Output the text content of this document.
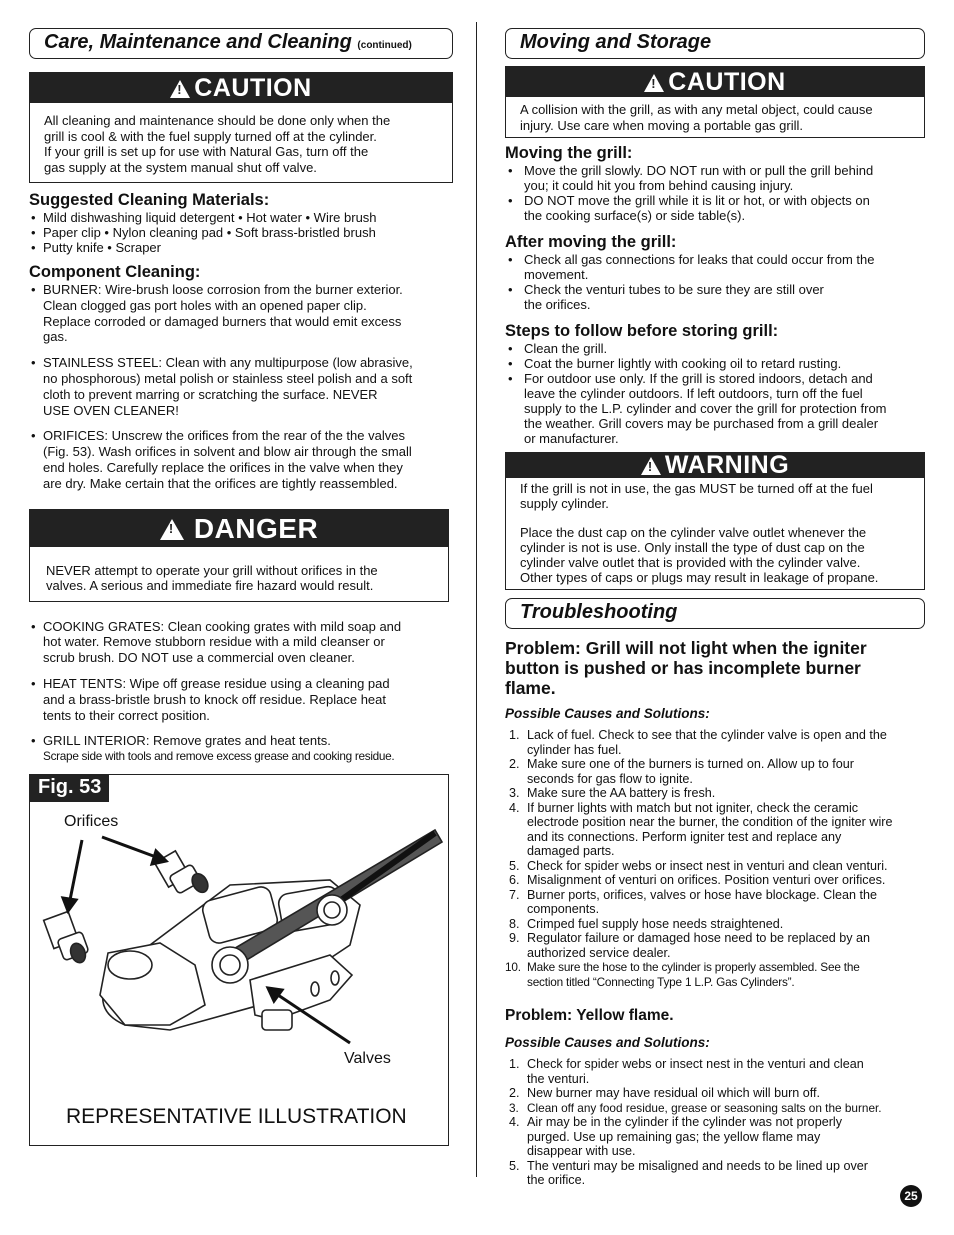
Care, Maintenance and Cleaning (continued)
!CAUTION
All cleaning and maintenance should be done only when the
grill is cool & with the fuel supply turned off at the cylinder.
If your grill is set up for use with Natural Gas, turn off the
gas supply at the system manual shut off valve.
Suggested Cleaning Materials:
• Mild dishwashing liquid detergent • Hot water • Wire brush
• Paper clip • Nylon cleaning pad • Soft brass-bristled brush
• Putty knife • Scraper
Component Cleaning:
• BURNER: Wire-brush loose corrosion from the burner exterior.
Clean clogged gas port holes with an opened paper clip.
Replace corroded or damaged burners that would emit excess
gas.
• STAINLESS STEEL: Clean with any multipurpose (low abrasive,
no phosphorous) metal polish or stainless steel polish and a soft
cloth to prevent marring or scratching the surface. NEVER
USE OVEN CLEANER!
• ORIFICES: Unscrew the orifices from the rear of the the valves
(Fig. 53). Wash orifices in solvent and blow air through the small
end holes. Carefully replace the orifices in the valve when they
are dry. Make certain that the orifices are tightly reassembled.
!DANGER
NEVER attempt to operate your grill without orifices in the
valves. A serious and immediate fire hazard would result.
• COOKING GRATES: Clean cooking grates with mild soap and
hot water. Remove stubborn residue with a mild cleanser or
scrub brush. DO NOT use a commercial oven cleaner.
• HEAT TENTS: Wipe off grease residue using a cleaning pad
and a brass-bristle brush to knock off residue. Replace heat
tents to their correct position.
• GRILL INTERIOR: Remove grates and heat tents.
Scrape side with tools and remove excess grease and cooking residue.
Fig. 53
Orifices
Valves
REPRESENTATIVE ILLUSTRATION
Moving and Storage
!CAUTION
A collision with the grill, as with any metal object, could cause
injury. Use care when moving a portable gas grill.
Moving the grill:
• Move the grill slowly. DO NOT run with or pull the grill behind
you; it could hit you from behind causing injury.
• DO NOT move the grill while it is lit or hot, or with objects on
the cooking surface(s) or side table(s).
After moving the grill:
• Check all gas connections for leaks that could occur from the
movement.
• Check the venturi tubes to be sure they are still over
the orifices.
Steps to follow before storing grill:
• Clean the grill.
• Coat the burner lightly with cooking oil to retard rusting.
• For outdoor use only. If the grill is stored indoors, detach and
leave the cylinder outdoors. If left outdoors, turn off the fuel
supply to the L.P. cylinder and cover the grill for protection from
the weather. Grill covers may be purchased from a grill dealer
or manufacturer.
!WARNING
If the grill is not in use, the gas MUST be turned off at the fuel
supply cylinder.

Place the dust cap on the cylinder valve outlet whenever the
cylinder is not is use. Only install the type of dust cap on the
cylinder valve outlet that is provided with the cylinder valve.
Other types of caps or plugs may result in leakage of propane.
Troubleshooting
Problem: Grill will not light when the igniter
button is pushed or has incomplete burner
flame.
Possible Causes and Solutions:
1. Lack of fuel. Check to see that the cylinder valve is open and the
cylinder has fuel.
2. Make sure one of the burners is turned on. Allow up to four
seconds for gas flow to ignite.
3. Make sure the AA battery is fresh.
4. If burner lights with match but not igniter, check the ceramic
electrode position near the burner, the condition of the igniter wire
and its connections. Perform igniter test and replace any
damaged parts.
5. Check for spider webs or insect nest in venturi and clean venturi.
6. Misalignment of venturi on orifices. Position venturi over orifices.
7. Burner ports, orifices, valves or hose have blockage. Clean the
components.
8. Crimped fuel supply hose needs straightened.
9. Regulator failure or damaged hose need to be replaced by an
authorized service dealer.
10. Make sure the hose to the cylinder is properly assembled. See the
section titled “Connecting Type 1 L.P. Gas Cylinders”.
Problem: Yellow flame.
Possible Causes and Solutions:
1. Check for spider webs or insect nest in the venturi and clean
the venturi.
2. New burner may have residual oil which will burn off.
3. Clean off any food residue, grease or seasoning salts on the burner.
4. Air may be in the cylinder if the cylinder was not properly
purged. Use up remaining gas; the yellow flame may
disappear with use.
5. The venturi may be misaligned and needs to be lined up over
the orifice.
25
